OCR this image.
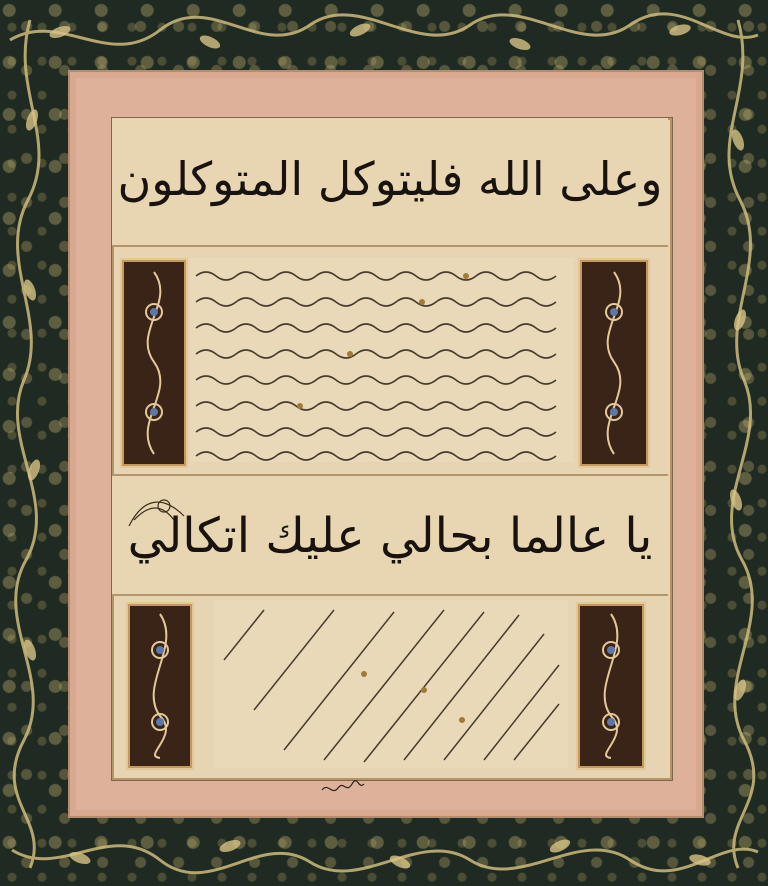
وعلى الله فليتوكل المتوكلون
يا عالما بحالي عليك اتكالي
